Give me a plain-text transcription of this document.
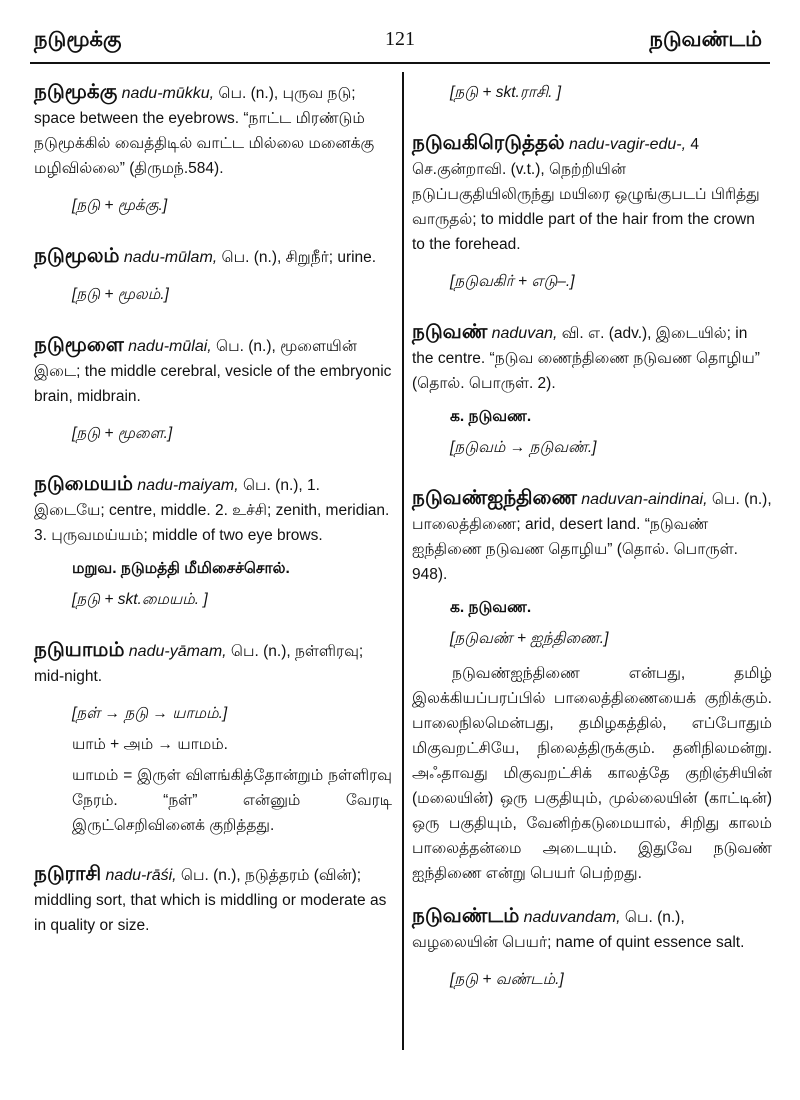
நடுமூக்கு	121	நடுவண்டம்
நடுமூக்கு nadu-mūkku, பெ. (n.), புருவ நடு; space between the eyebrows. “நாட்ட மிரண்டும் நடுமூக்கில் வைத்திடில் வாட்ட மில்லை மனைக்கு மழிவில்லை” (திருமந்.584).
[நடு + மூக்கு.]
நடுமூலம் nadu-mūlam, பெ. (n.), சிறுநீர்; urine.
[நடு + மூலம்.]
நடுமூளை nadu-mūlai, பெ. (n.), மூளையின் இடை; the middle cerebral, vesicle of the embryonic brain, midbrain.
[நடு + மூளை.]
நடுமையம் nadu-maiyam, பெ. (n.), 1. இடையே; centre, middle. 2. உச்சி; zenith, meridian. 3. புருவமய்யம்; middle of two eye brows.
மறுவ. நடுமத்தி மீமிசைச்சொல்.
[நடு + skt.மையம். ]
நடுயாமம் nadu-yāmam, பெ. (n.), நள்ளிரவு; mid-night.
[நள் → நடு → யாமம்.]
யாம் + அம் → யாமம்.
யாமம் = இருள் விளங்கித்தோன்றும் நள்ளிரவு நேரம். “நள்” என்னும் வேரடி இருட்செறிவினைக் குறித்தது.
நடுராசி nadu-rāśi, பெ. (n.), நடுத்தரம் (வின்); middling sort, that which is middling or moderate as in quality or size.
[நடு + skt.ராசி. ]
நடுவகிரெடுத்தல் nadu-vagir-edu-, 4 செ.குன்றாவி. (v.t.), நெற்றியின் நடுப்பகுதியிலிருந்து மயிரை ஒழுங்குபடப் பிரித்து வாருதல்; to middle part of the hair from the crown to the forehead.
[நடுவகிர் + எடு–.]
நடுவண் naduvan, வி. எ. (adv.), இடையில்; in the centre. “நடுவ ணைந்திணை நடுவண தொழிய” (தொல். பொருள். 2).
க. நடுவண.
[நடுவம் → நடுவண்.]
நடுவண்ஐந்திணை naduvan-aindinai, பெ. (n.), பாலைத்திணை; arid, desert land. “நடுவண் ஐந்திணை நடுவண தொழிய” (தொல். பொருள். 948).
க. நடுவண.
[நடுவண் + ஐந்திணை.]
நடுவண்ஐந்திணை என்பது, தமிழ் இலக்கியப்பரப்பில் பாலைத்திணையைக் குறிக்கும். பாலைநிலமென்பது, தமிழகத்தில், எப்போதும் மிகுவறட்சியே, நிலைத்திருக்கும். தனிநிலமன்று. அஃதாவது மிகுவறட்சிக் காலத்தே குறிஞ்சியின் (மலையின்) ஒரு பகுதியும், முல்லையின் (காட்டின்) ஒரு பகுதியும், வேனிற்கடுமையால், சிறிது காலம் பாலைத்தன்மை அடையும். இதுவே நடுவண் ஐந்திணை என்று பெயர் பெற்றது.
நடுவண்டம் naduvandam, பெ. (n.), வழலையின் பெயர்; name of quint essence salt.
[நடு + வண்டம்.]
